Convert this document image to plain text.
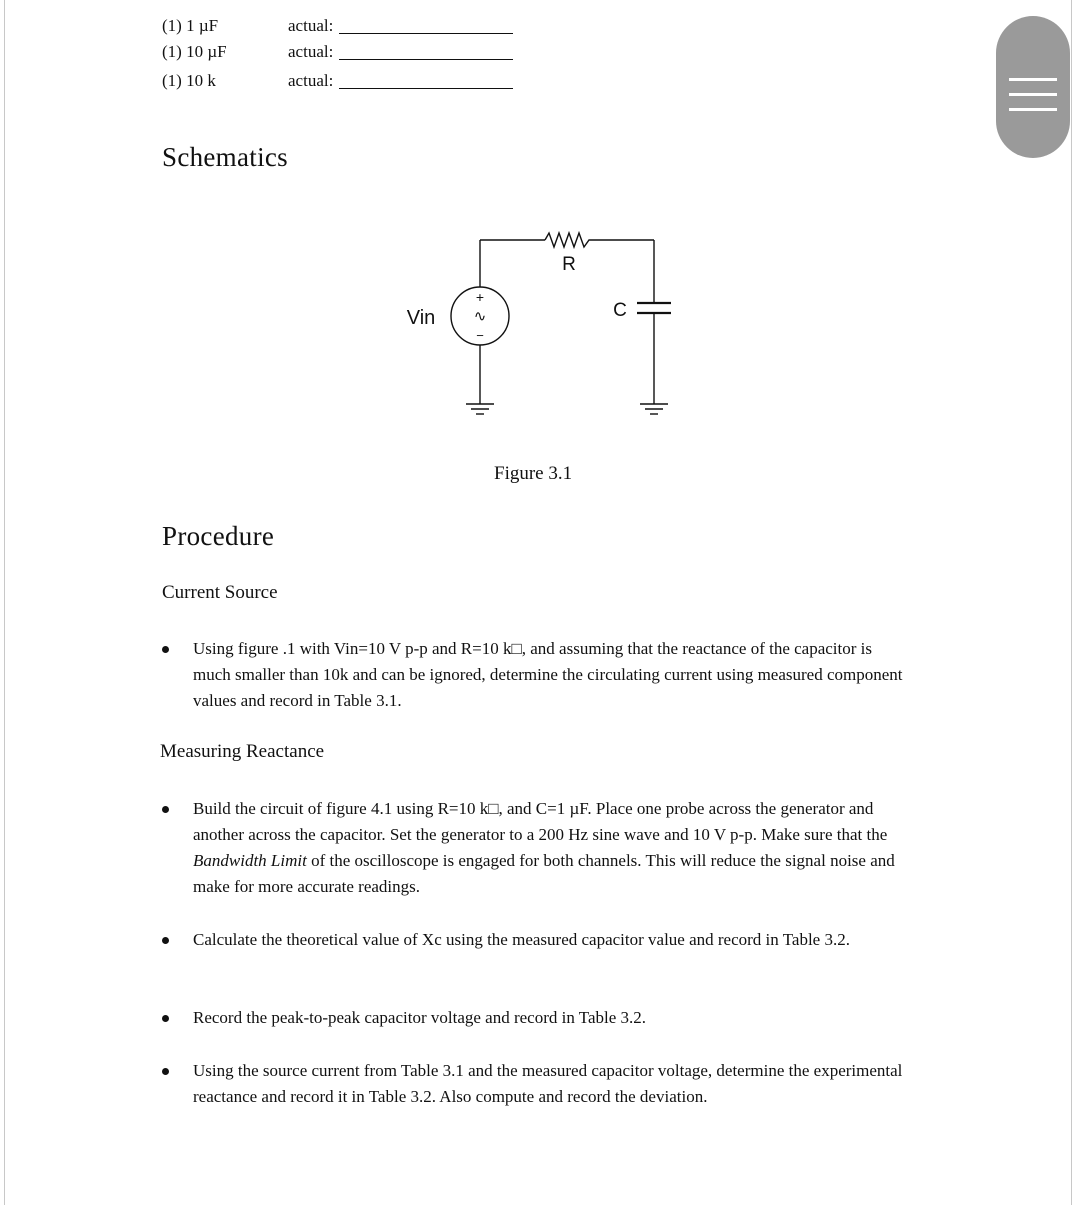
(1) 1 µF	actual:
(1) 10 µF	actual:
(1) 10 k	actual:
Schematics
R
C
Vin
+
∿
−
Figure 3.1
Procedure
Current Source
Using figure .1 with Vin=10 V p-p and R=10 k□, and assuming that the reactance of the capacitor is much smaller than 10k and can be ignored, determine the circulating current using measured component values and record in Table 3.1.
Measuring Reactance
Build the circuit of figure 4.1 using R=10 k□, and C=1 µF. Place one probe across the generator and another across the capacitor. Set the generator to a 200 Hz sine wave and 10 V p-p. Make sure that the Bandwidth Limit of the oscilloscope is engaged for both channels. This will reduce the signal noise and make for more accurate readings.
Calculate the theoretical value of Xc using the measured capacitor value and record in Table 3.2.
Record the peak-to-peak capacitor voltage and record in Table 3.2.
Using the source current from Table 3.1 and the measured capacitor voltage, determine the experimental reactance and record it in Table 3.2. Also compute and record the deviation.
